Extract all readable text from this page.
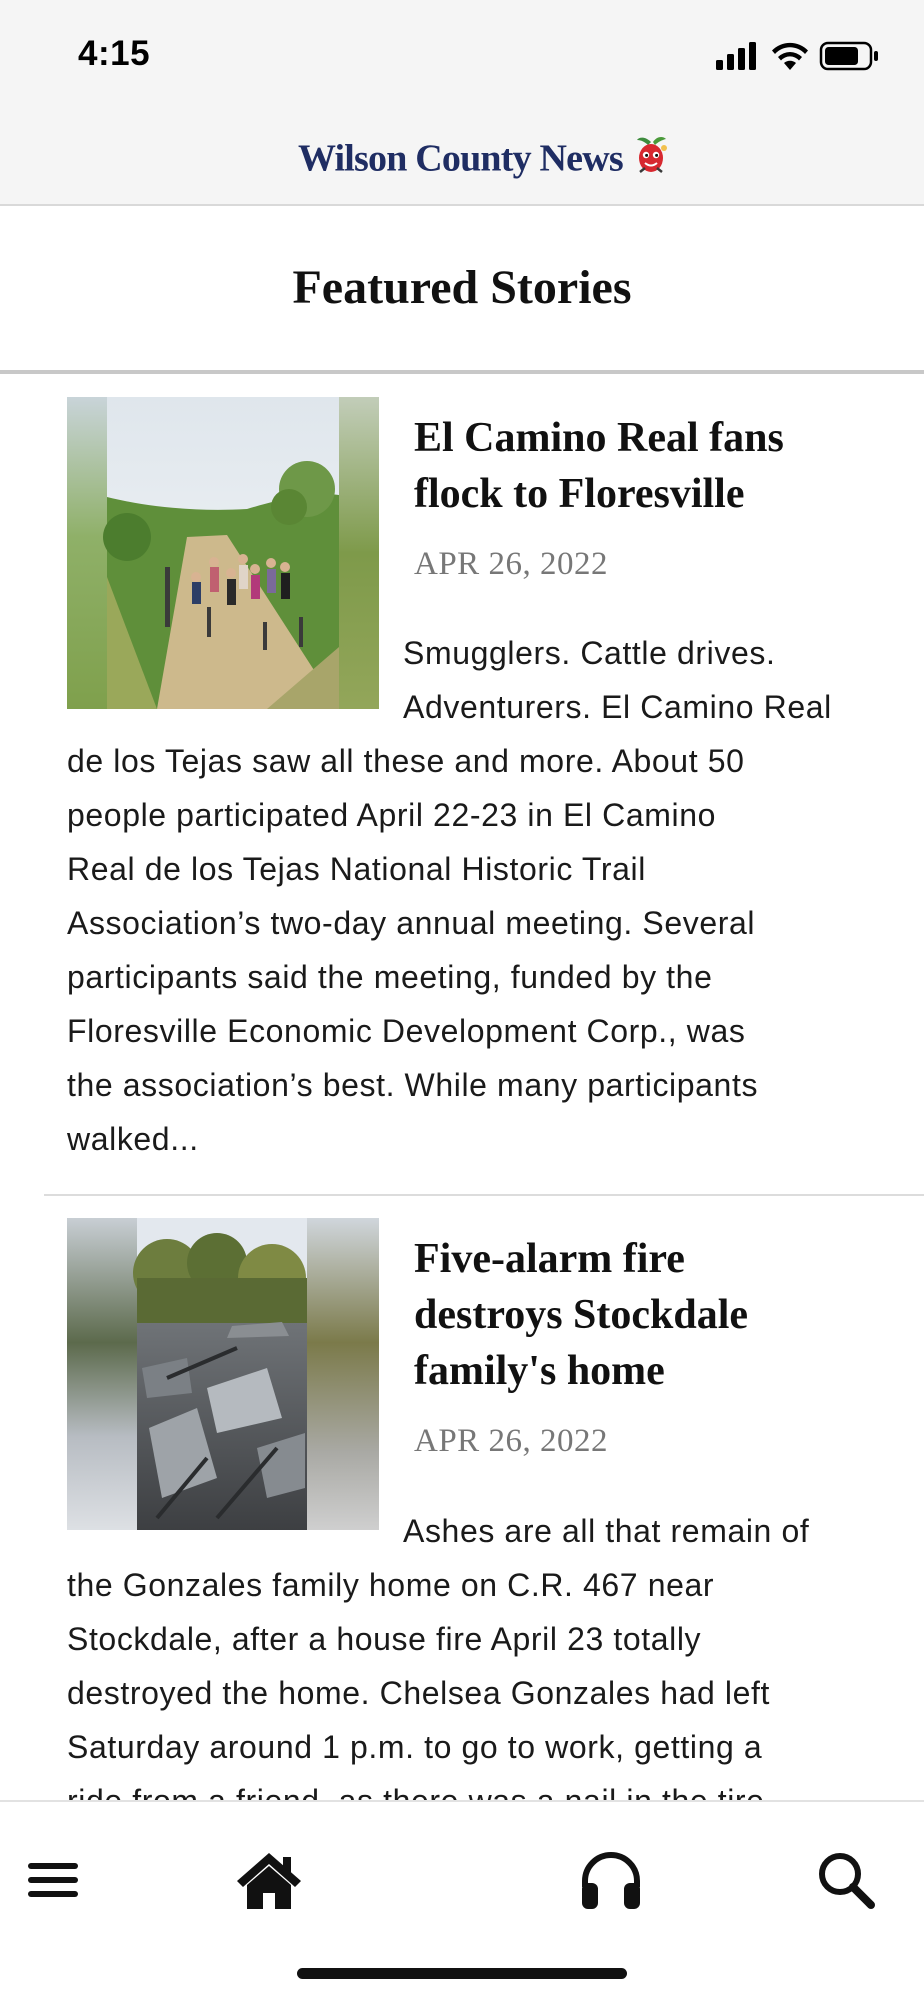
4:15
Wilson County News
Featured Stories
El Camino Real fans
flock to Floresville
APR 26, 2022
Smugglers. Cattle drives.
Adventurers. El Camino Real
de los Tejas saw all these and more. About 50
people participated April 22-23 in El Camino
Real de los Tejas National Historic Trail
Association’s two-day annual meeting. Several
participants said the meeting, funded by the
Floresville Economic Development Corp., was
the association’s best. While many participants
walked...
Five-alarm fire
destroys Stockdale
family's home
APR 26, 2022
Ashes are all that remain of
the Gonzales family home on C.R. 467 near
Stockdale, after a house fire April 23 totally
destroyed the home. Chelsea Gonzales had left
Saturday around 1 p.m. to go to work, getting a
